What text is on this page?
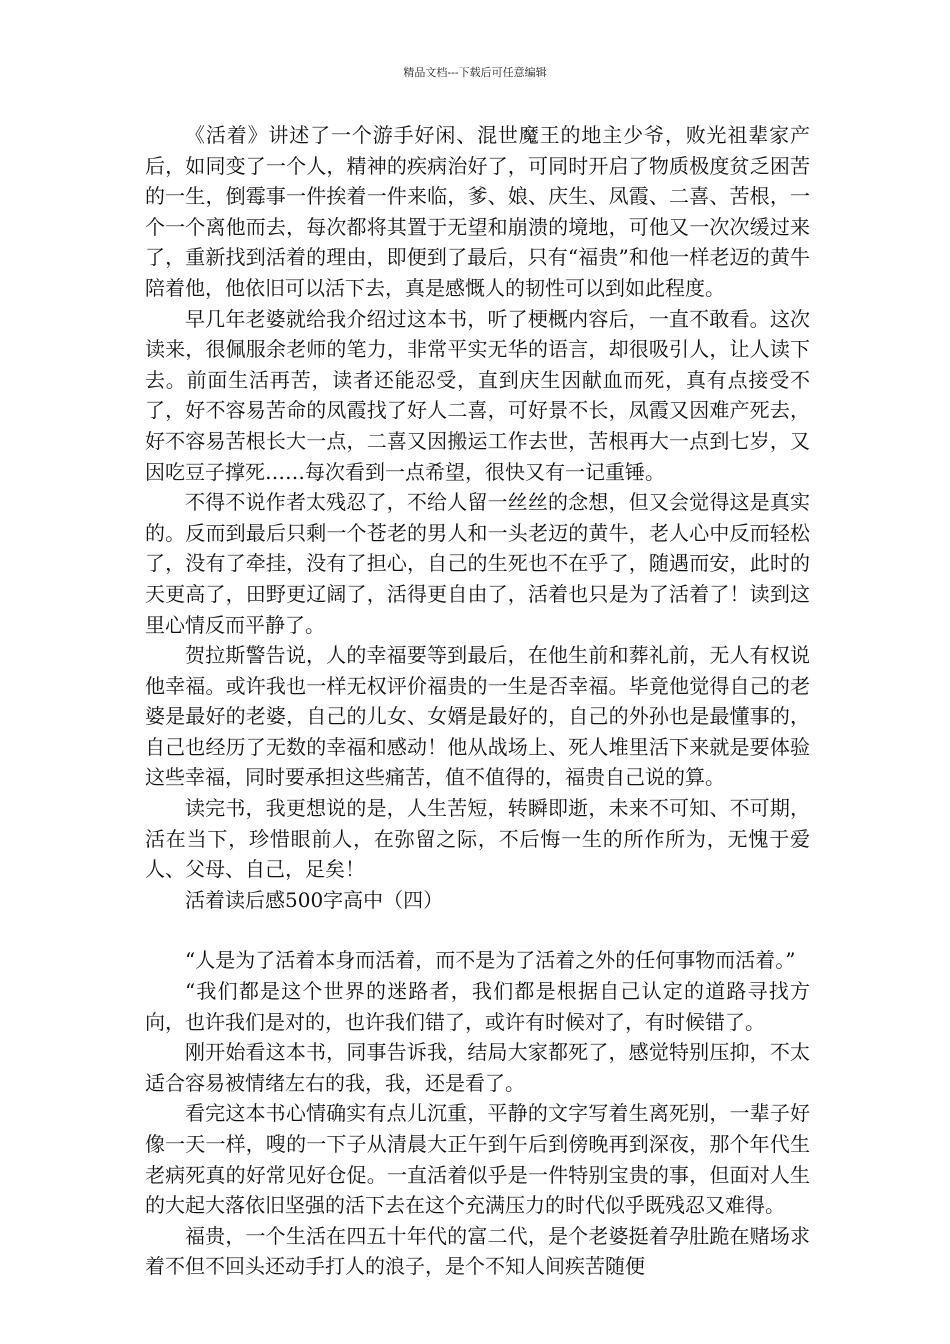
精品文档---下载后可任意编辑

《活着》讲述了一个游手好闲、混世魔王的地主少爷，败光祖辈家产后，如同变了一个人，精神的疾病治好了，可同时开启了物质极度贫乏困苦的一生，倒霉事一件挨着一件来临，爹、娘、庆生、凤霞、二喜、苦根，一个一个离他而去，每次都将其置于无望和崩溃的境地，可他又一次次缓过来了，重新找到活着的理由，即便到了最后，只有“福贵”和他一样老迈的黄牛陪着他，他依旧可以活下去，真是感慨人的韧性可以到如此程度。

早几年老婆就给我介绍过这本书，听了梗概内容后，一直不敢看。这次读来，很佩服余老师的笔力，非常平实无华的语言，却很吸引人，让人读下去。前面生活再苦，读者还能忍受，直到庆生因献血而死，真有点接受不了，好不容易苦命的凤霞找了好人二喜，可好景不长，凤霞又因难产死去，好不容易苦根长大一点，二喜又因搬运工作去世，苦根再大一点到七岁，又因吃豆子撑死……每次看到一点希望，很快又有一记重锤。

不得不说作者太残忍了，不给人留一丝丝的念想，但又会觉得这是真实的。反而到最后只剩一个苍老的男人和一头老迈的黄牛，老人心中反而轻松了，没有了牵挂，没有了担心，自己的生死也不在乎了，随遇而安，此时的天更高了，田野更辽阔了，活得更自由了，活着也只是为了活着了！读到这里心情反而平静了。

贺拉斯警告说，人的幸福要等到最后，在他生前和葬礼前，无人有权说他幸福。或许我也一样无权评价福贵的一生是否幸福。毕竟他觉得自己的老婆是最好的老婆，自己的儿女、女婿是最好的，自己的外孙也是最懂事的，自己也经历了无数的幸福和感动！他从战场上、死人堆里活下来就是要体验这些幸福，同时要承担这些痛苦，值不值得的，福贵自己说的算。

读完书，我更想说的是，人生苦短，转瞬即逝，未来不可知、不可期，活在当下，珍惜眼前人，在弥留之际，不后悔一生的所作所为，无愧于爱人、父母、自己，足矣！

活着读后感500字高中（四）

“人是为了活着本身而活着，而不是为了活着之外的任何事物而活着。”

“我们都是这个世界的迷路者，我们都是根据自己认定的道路寻找方向，也许我们是对的，也许我们错了，或许有时候对了，有时候错了。

刚开始看这本书，同事告诉我，结局大家都死了，感觉特别压抑，不太适合容易被情绪左右的我，我，还是看了。

看完这本书心情确实有点儿沉重，平静的文字写着生离死别，一辈子好像一天一样，嗖的一下子从清晨大正午到午后到傍晚再到深夜，那个年代生老病死真的好常见好仓促。一直活着似乎是一件特别宝贵的事，但面对人生的大起大落依旧坚强的活下去在这个充满压力的时代似乎既残忍又难得。

福贵，一个生活在四五十年代的富二代，是个老婆挺着孕肚跪在赌场求着不但不回头还动手打人的浪子，是个不知人间疾苦随便
